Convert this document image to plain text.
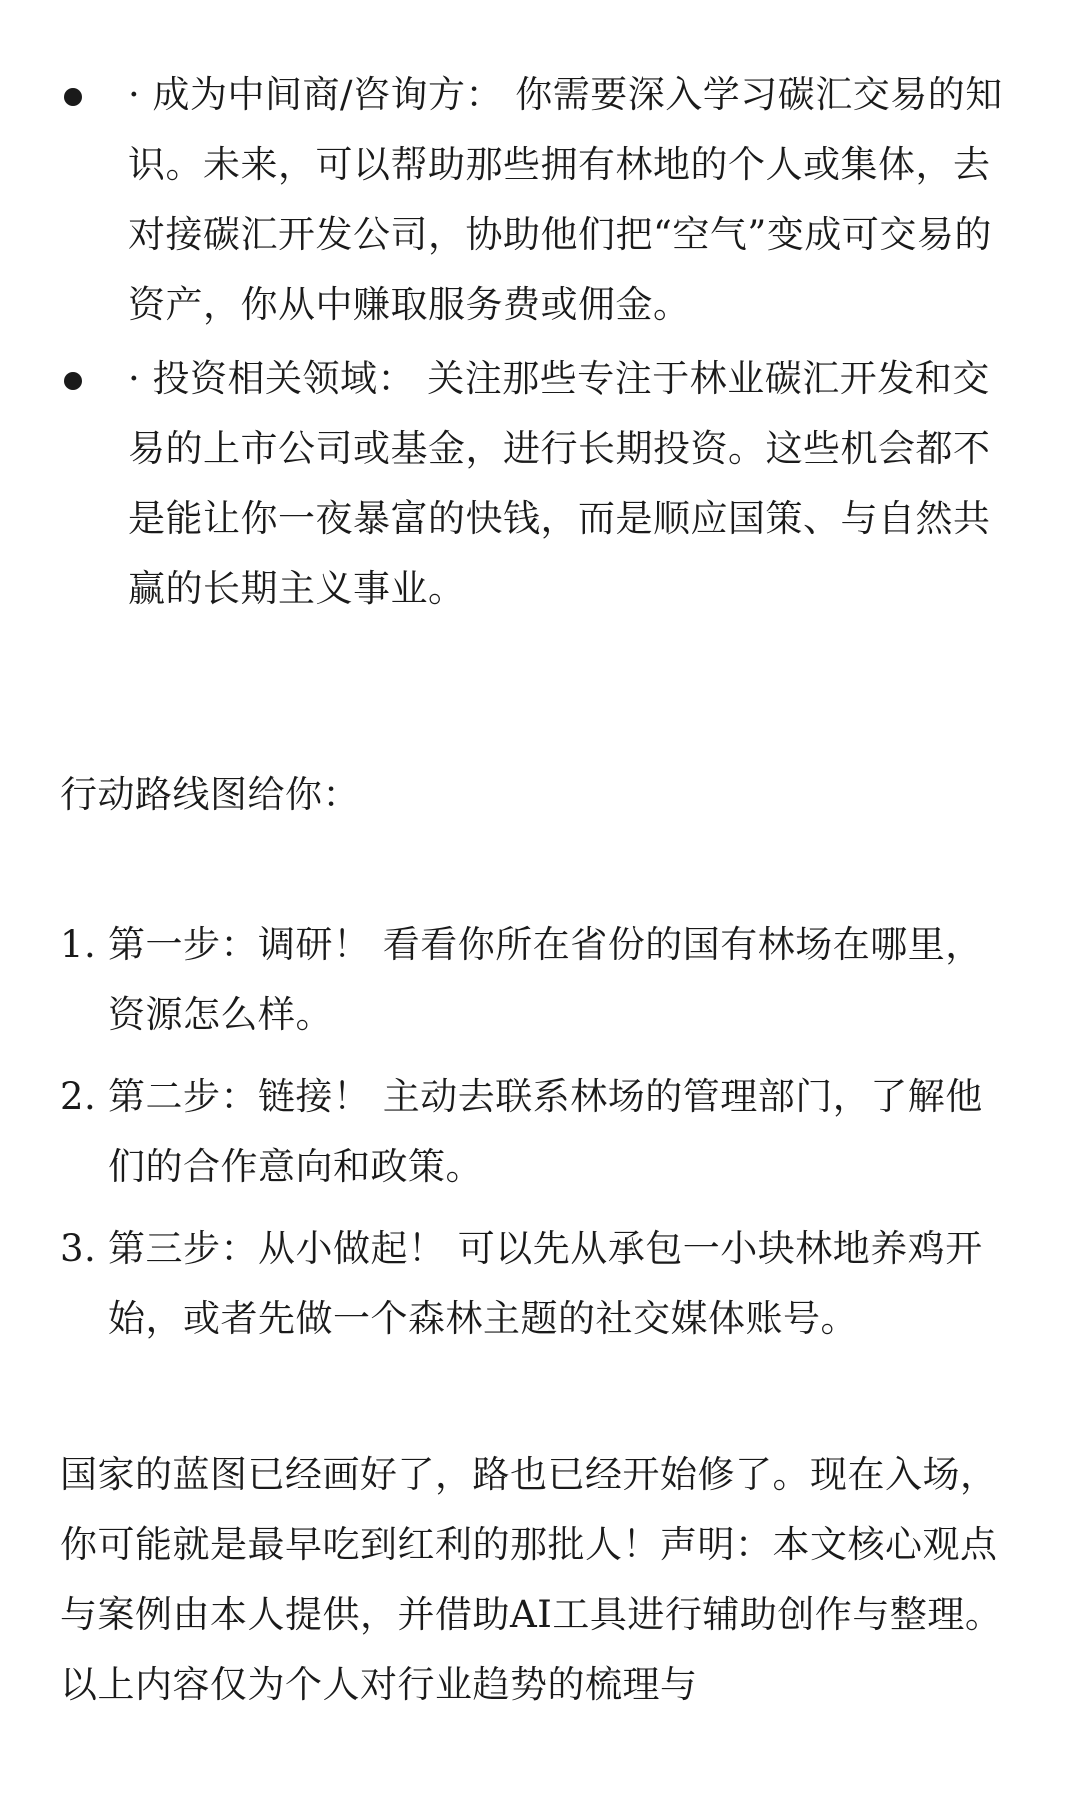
· 成为中间商/咨询方： 你需要深入学习碳汇交易的知识。未来，可以帮助那些拥有林地的个人或集体，去对接碳汇开发公司，协助他们把“空气”变成可交易的资产，你从中赚取服务费或佣金。
· 投资相关领域： 关注那些专注于林业碳汇开发和交易的上市公司或基金，进行长期投资。这些机会都不是能让你一夜暴富的快钱，而是顺应国策、与自然共赢的长期主义事业。

行动路线图给你：

1. 第一步：调研！ 看看你所在省份的国有林场在哪里，资源怎么样。
2. 第二步：链接！ 主动去联系林场的管理部门，了解他们的合作意向和政策。
3. 第三步：从小做起！ 可以先从承包一小块林地养鸡开始，或者先做一个森林主题的社交媒体账号。

国家的蓝图已经画好了，路也已经开始修了。现在入场，你可能就是最早吃到红利的那批人！声明：本文核心观点与案例由本人提供，并借助AI工具进行辅助创作与整理。以上内容仅为个人对行业趋势的梳理与
